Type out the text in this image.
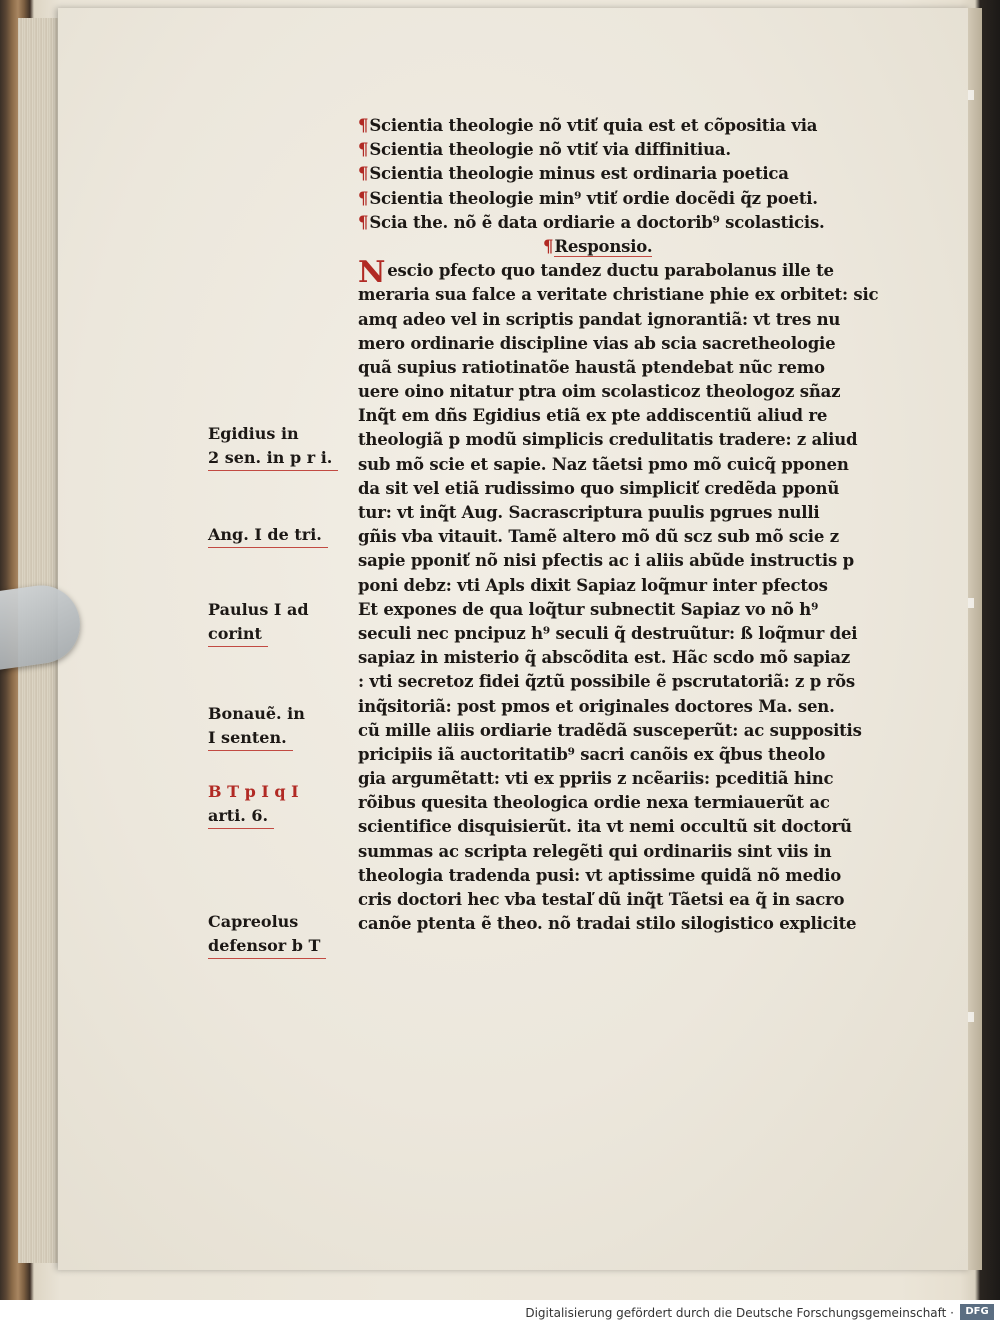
¶Scientia theologie nõ vtiť quia est et cõpositia via
¶Scientia theologie nõ vtiť via diffinitiua.
¶Scientia theologie minus est ordinaria poetica
¶Scientia theologie min⁹ vtiť ordie docẽdi q̃z poeti.
¶Scia the. nõ ẽ data ordiarie a doctorib⁹ scolasticis.
¶Responsio.
Nescio pfecto quo tandez ductu parabolanus ille te
meraria sua falce a veritate christiane phie ex orbitet: sic
amq adeo vel in scriptis pandat ignorantiã: vt tres nu
mero ordinarie discipline vias ab scia sacretheologie
quã supius ratiotinatõe haustã ptendebat nũc remo
uere oino nitatur ptra oim scolasticoz theologoz sñaz
Inq̃t em dñs Egidius etiã ex pte addiscentiũ aliud re
theologiã p modũ simplicis credulitatis tradere: z aliud
sub mõ scie et sapie. Naz tãetsi pmo mõ cuicq̃ pponen
da sit vel etiã rudissimo quo simpliciť credẽda pponũ
tur: vt inq̃t Aug. Sacrascriptura puulis pgrues nulli
gñis vba vitauit. Tamẽ altero mõ dũ scz sub mõ scie z
sapie pponiť nõ nisi pfectis ac i aliis abũde instructis p
poni debz: vti Apls dixit Sapiaz loq̃mur inter pfectos
Et expones de qua loq̃tur subnectit Sapiaz vo nõ h⁹
seculi nec pncipuz h⁹ seculi q̃ destruũtur: ß loq̃mur dei
sapiaz in misterio q̃ abscõdita est. Hãc scdo mõ sapiaz
: vti secretoz fidei q̃ztũ possibile ẽ pscrutatoriã: z p rõs
inq̃sitoriã: post pmos et originales doctores Ma. sen.
cũ mille aliis ordiarie tradẽdã susceperũt: ac suppositis
pricipiis iã auctoritatib⁹ sacri canõis ex q̃bus theolo
gia argumẽtatt: vti ex ppriis z ncẽariis: pceditiã hinc
rõibus quesita theologica ordie nexa termiauerũt ac
scientifice disquisierũt. ita vt nemi occultũ sit doctorũ
summas ac scripta relegẽti qui ordinariis sint viis in
theologia tradenda pusi: vt aptissime quidã nõ medio
cris doctori hec vba testaľ dũ inq̃t Tãetsi ea q̃ in sacro
canõe ptenta ẽ theo. nõ tradai stilo silogistico explicite
Egidius in
2 sen. in p r i.
Ang. I de tri.
Paulus I ad
corint
Bonauẽ. in
I senten.
B T p I q I
arti. 6.
Capreolus
defensor b T
Digitalisierung gefördert durch die Deutsche Forschungsgemeinschaft ·	DFG
